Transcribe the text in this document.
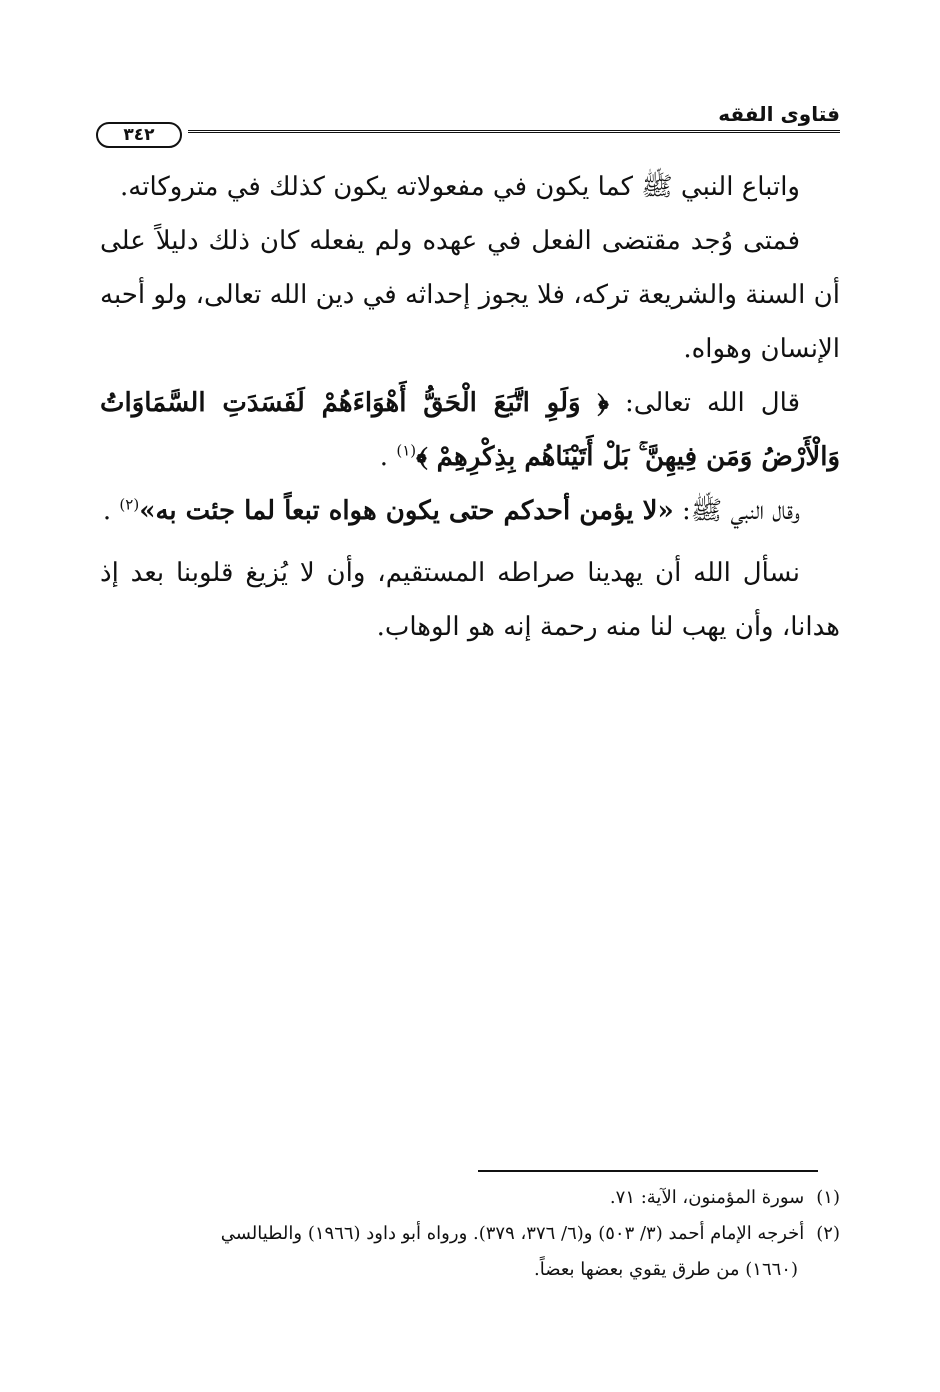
فتاوى الفقه
٣٤٢

واتباع النبي ﷺ كما يكون في مفعولاته يكون كذلك في متروكاته.

فمتى وُجد مقتضى الفعل في عهده ولم يفعله كان ذلك دليلاً على أن السنة والشريعة تركه، فلا يجوز إحداثه في دين الله تعالى، ولو أحبه الإنسان وهواه.

قال الله تعالى: ﴿ وَلَوِ اتَّبَعَ الْحَقُّ أَهْوَاءَهُمْ لَفَسَدَتِ السَّمَاوَاتُ وَالْأَرْضُ وَمَن فِيهِنَّ ۚ بَلْ أَتَيْنَاهُم بِذِكْرِهِمْ ﴾$^{(١)}$ .

وقال النبي ﷺ: «لا يؤمن أحدكم حتى يكون هواه تبعاً لما جئت به»$^{(٢)}$ .

نسأل الله أن يهدينا صراطه المستقيم، وأن لا يُزيغ قلوبنا بعد إذ هدانا، وأن يهب لنا منه رحمة إنه هو الوهاب.

(١)سورة المؤمنون، الآية: ٧١.

(٢)أخرجه الإمام أحمد (٣/ ٥٠٣) و(٦/ ٣٧٦، ٣٧٩). ورواه أبو داود (١٩٦٦) والطيالسي

(١٦٦٠) من طرق يقوي بعضها بعضاً.
